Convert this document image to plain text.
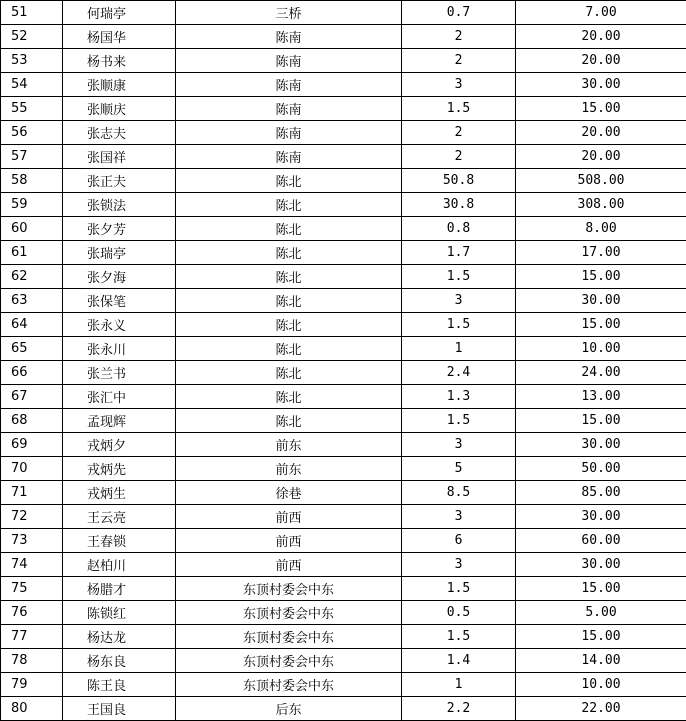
51	何瑞亭	三桥	0.7	7.00
52	杨国华	陈南	2	20.00
53	杨书来	陈南	2	20.00
54	张顺康	陈南	3	30.00
55	张顺庆	陈南	1.5	15.00
56	张志夫	陈南	2	20.00
57	张国祥	陈南	2	20.00
58	张正夫	陈北	50.8	508.00
59	张锁法	陈北	30.8	308.00
60	张夕芳	陈北	0.8	8.00
61	张瑞亭	陈北	1.7	17.00
62	张夕海	陈北	1.5	15.00
63	张保笔	陈北	3	30.00
64	张永义	陈北	1.5	15.00
65	张永川	陈北	1	10.00
66	张兰书	陈北	2.4	24.00
67	张汇中	陈北	1.3	13.00
68	孟现辉	陈北	1.5	15.00
69	戎炳夕	前东	3	30.00
70	戎炳先	前东	5	50.00
71	戎炳生	徐巷	8.5	85.00
72	王云亮	前西	3	30.00
73	王春锁	前西	6	60.00
74	赵柏川	前西	3	30.00
75	杨腊才	东顶村委会中东	1.5	15.00
76	陈锁红	东顶村委会中东	0.5	5.00
77	杨达龙	东顶村委会中东	1.5	15.00
78	杨东良	东顶村委会中东	1.4	14.00
79	陈王良	东顶村委会中东	1	10.00
80	王国良	后东	2.2	22.00
